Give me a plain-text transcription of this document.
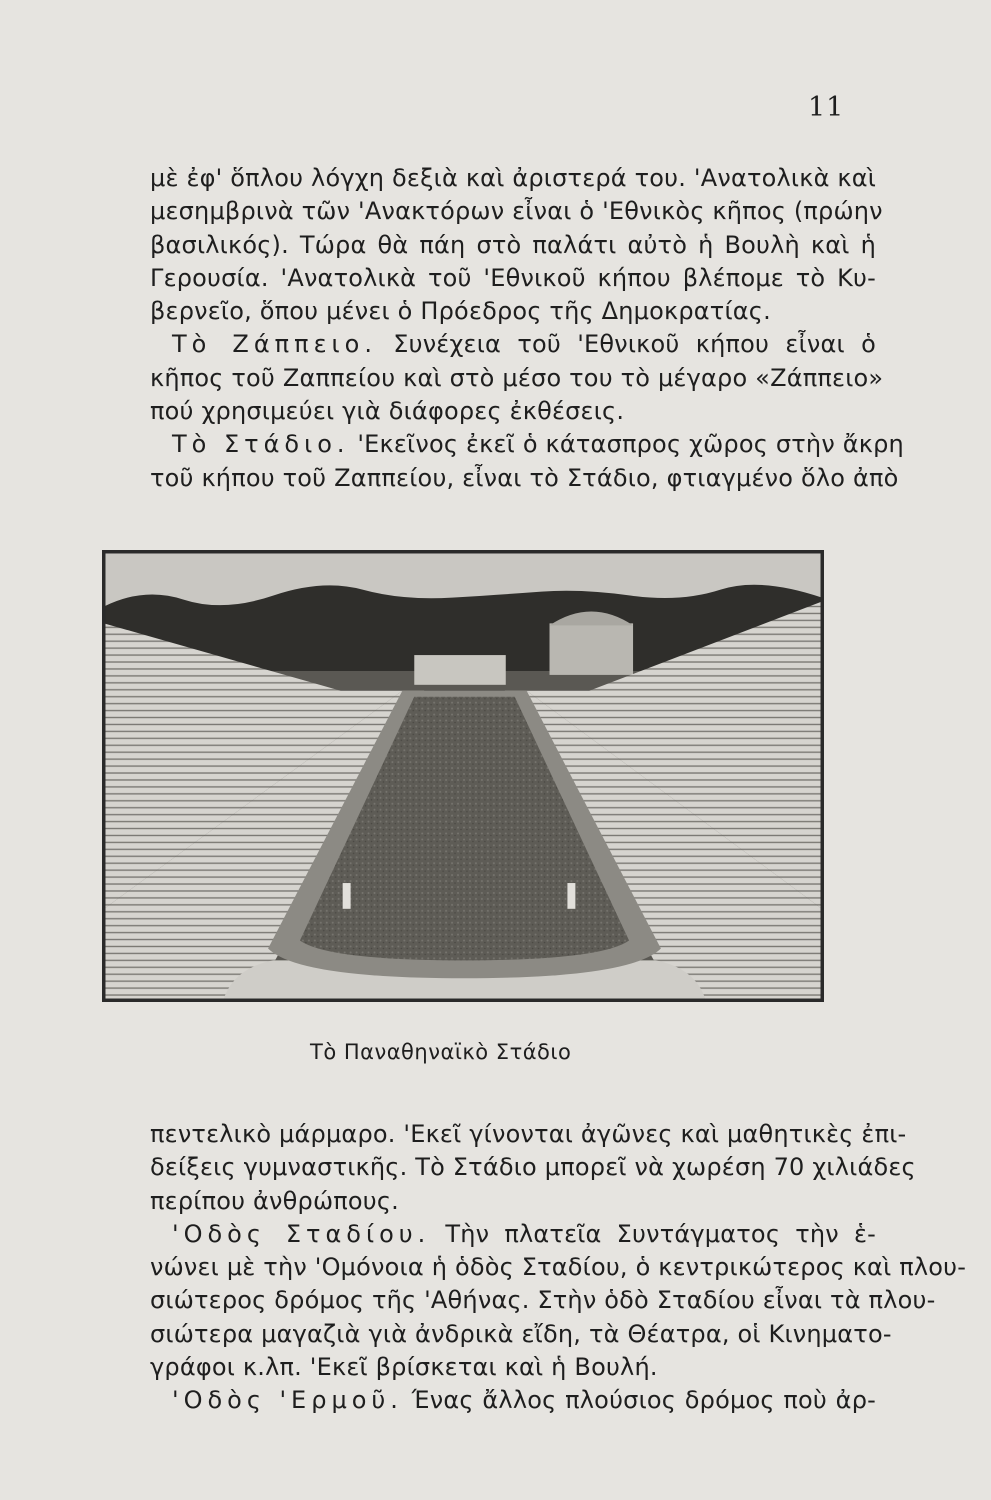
11
μὲ ἐφ' ὅπλου λόγχη δεξιὰ καὶ ἀριστερά του. 'Ανατολικὰ καὶ
μεσημβρινὰ τῶν 'Ανακτόρων εἶναι ὁ 'Εθνικὸς κῆπος (πρώην
βασιλικός). Τώρα θὰ πάη στὸ παλάτι αὐτὸ ἡ Βουλὴ καὶ ἡ
Γερουσία. 'Ανατολικὰ τοῦ 'Εθνικοῦ κήπου βλέπομε τὸ Κυ-
βερνεῖο, ὅπου μένει ὁ Πρόεδρος τῆς Δημοκρατίας.
Τὸ Ζάππειο. Συνέχεια τοῦ 'Εθνικοῦ κήπου εἶναι ὁ
κῆπος τοῦ Ζαππείου καὶ στὸ μέσο του τὸ μέγαρο «Ζάππειο»
πού χρησιμεύει γιὰ διάφορες ἐκθέσεις.
Τὸ Στάδιο. 'Εκεῖνος ἐκεῖ ὁ κάτασπρος χῶρος στὴν ἄκρη
τοῦ κήπου τοῦ Ζαππείου, εἶναι τὸ Στάδιο, φτιαγμένο ὅλο ἀπὸ
Τὸ Παναθηναϊκὸ Στάδιο
πεντελικὸ μάρμαρο. 'Εκεῖ γίνονται ἀγῶνες καὶ μαθητικὲς ἐπι-
δείξεις γυμναστικῆς. Τὸ Στάδιο μπορεῖ νὰ χωρέση 70 χιλιάδες
περίπου ἀνθρώπους.
'Οδὸς Σταδίου. Τὴν πλατεῖα Συντάγματος τὴν ἑ-
νώνει μὲ τὴν 'Ομόνοια ἡ ὁδὸς Σταδίου, ὁ κεντρικώτερος καὶ πλου-
σιώτερος δρόμος τῆς 'Αθήνας. Στὴν ὁδὸ Σταδίου εἶναι τὰ πλου-
σιώτερα μαγαζιὰ γιὰ ἀνδρικὰ εἴδη, τὰ Θέατρα, οἱ Κινηματο-
γράφοι κ.λπ. 'Εκεῖ βρίσκεται καὶ ἡ Βουλή.
'Οδὸς 'Ερμοῦ. Ένας ἄλλος πλούσιος δρόμος ποὺ ἀρ-
